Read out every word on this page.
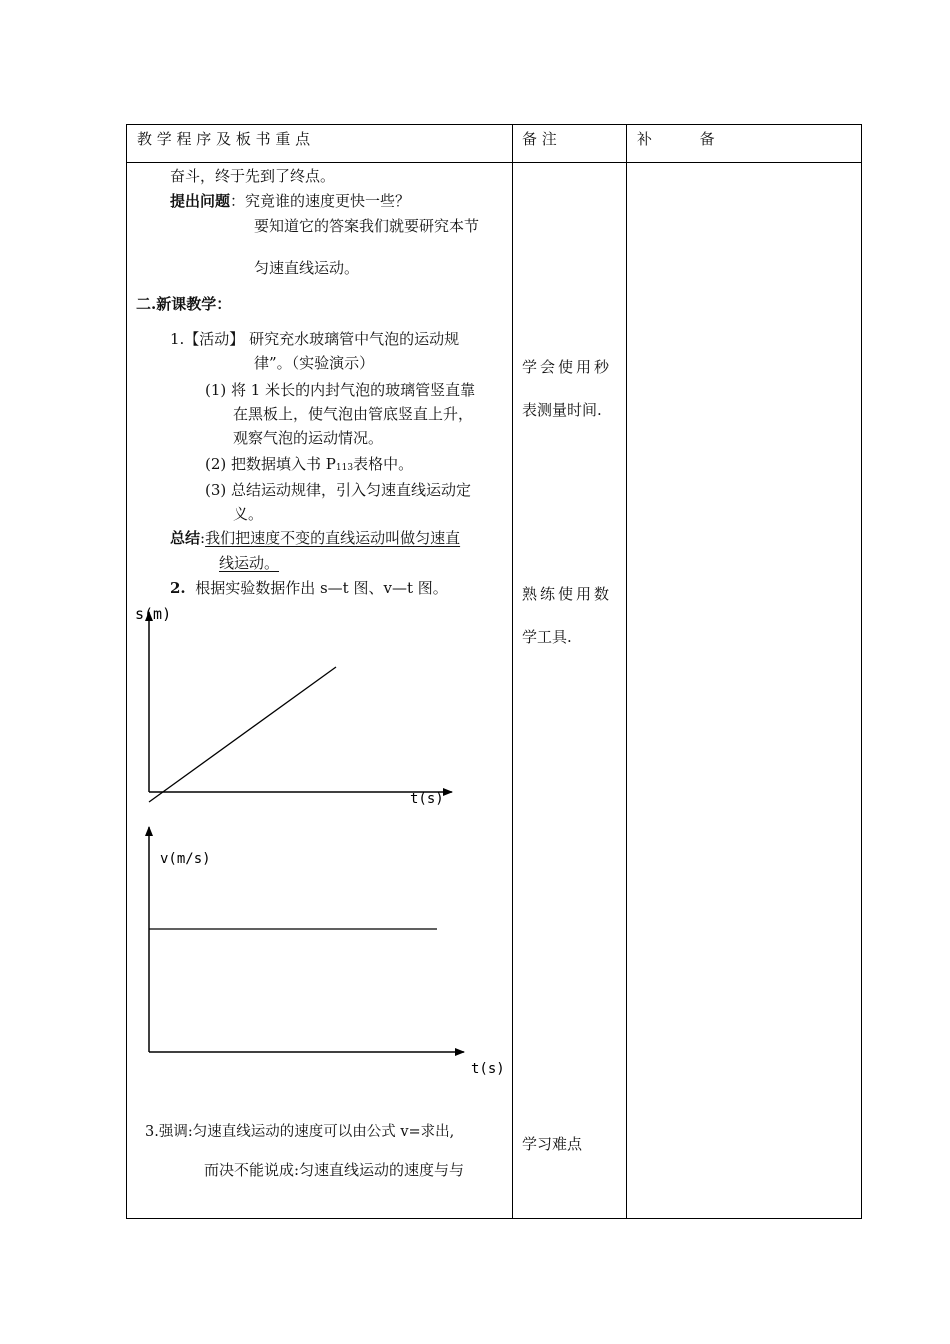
教 学 程 序 及 板 书 重 点	备 注	补          备
奋斗，终于先到了终点。
提出问题：究竟谁的速度更快一些？
要知道它的答案我们就要研究本节
匀速直线运动。
二.新课教学：
1.【活动】 研究充水玻璃管中气泡的运动规
律”。（实验演示）
(1) 将 1 米长的内封气泡的玻璃管竖直靠
在黑板上，使气泡由管底竖直上升，
观察气泡的运动情况。
(2) 把数据填入书 $P_{113}$表格中。
(3) 总结运动规律，引入匀速直线运动定
义。
总结:我们把速度不变的直线运动叫做匀速直
线运动。
2. 根据实验数据作出 s—t 图、v—t 图。
s(m)
t(s)
v(m/s)
t(s)
3.强调:匀速直线运动的速度可以由公式 v=求出,
而决不能说成:匀速直线运动的速度与与
学会使用秒
表测量时间.
熟练使用数
学工具.
学习难点
